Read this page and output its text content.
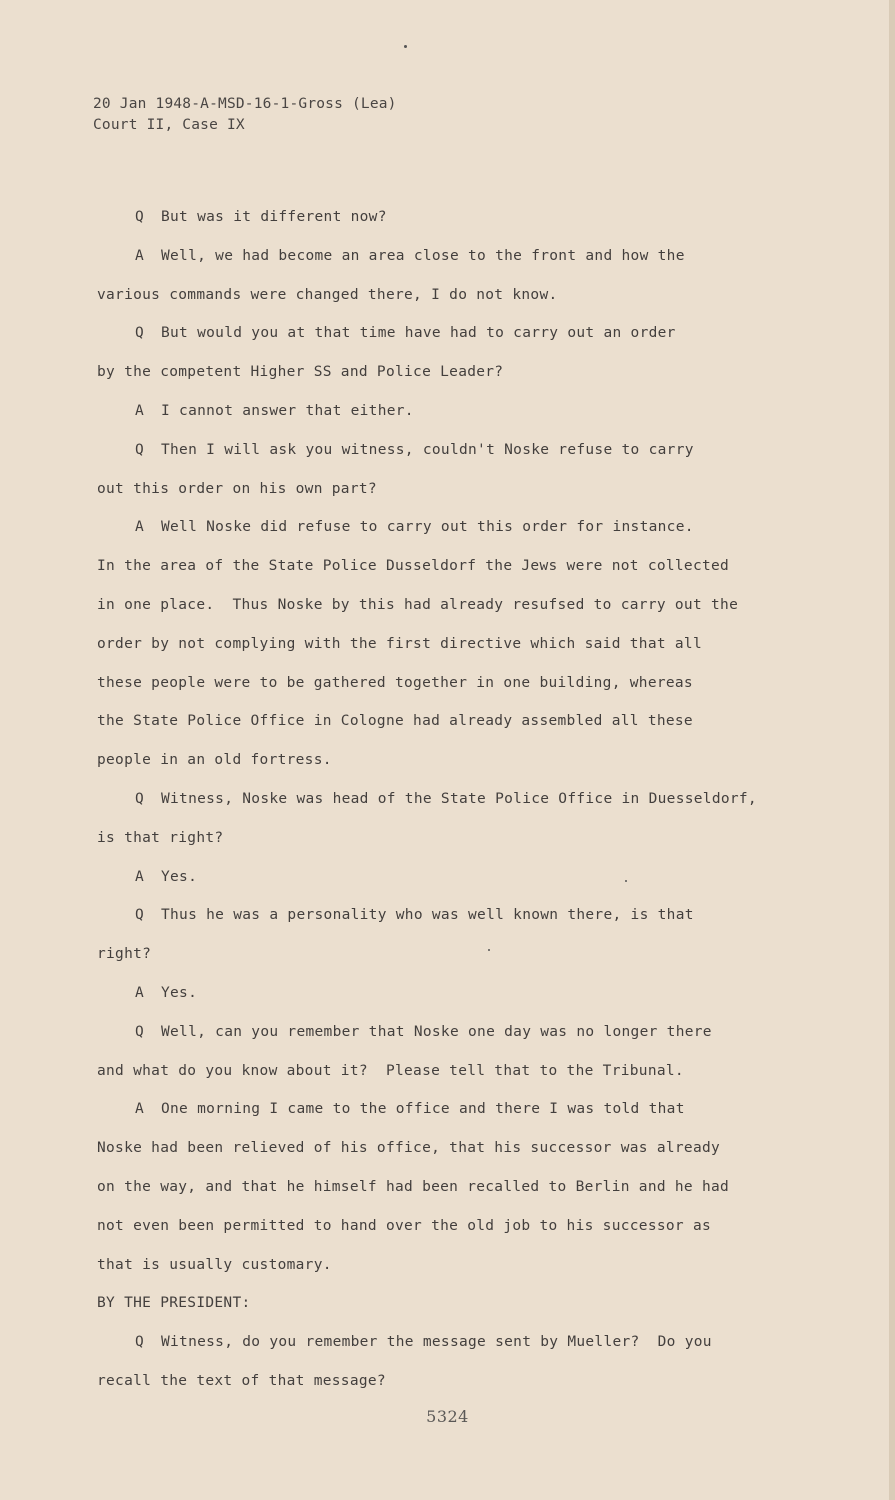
20 Jan 1948-A-MSD-16-1-Gross (Lea)
Court II, Case IX
Q But was it different now?
A Well, we had become an area close to the front and how the
various commands were changed there, I do not know.
Q But would you at that time have had to carry out an order
by the competent Higher SS and Police Leader?
A I cannot answer that either.
Q Then I will ask you witness, couldn't Noske refuse to carry
out this order on his own part?
A Well Noske did refuse to carry out this order for instance.
In the area of the State Police Dusseldorf the Jews were not collected
in one place.  Thus Noske by this had already resufsed to carry out the
order by not complying with the first directive which said that all
these people were to be gathered together in one building, whereas
the State Police Office in Cologne had already assembled all these
people in an old fortress.
Q Witness, Noske was head of the State Police Office in Duesseldorf,
is that right?
A Yes.
Q Thus he was a personality who was well known there, is that
right?
A Yes.
Q Well, can you remember that Noske one day was no longer there
and what do you know about it?  Please tell that to the Tribunal.
A One morning I came to the office and there I was told that
Noske had been relieved of his office, that his successor was already
on the way, and that he himself had been recalled to Berlin and he had
not even been permitted to hand over the old job to his successor as
that is usually customary.
BY THE PRESIDENT:
Q Witness, do you remember the message sent by Mueller?  Do you
recall the text of that message?
5324
